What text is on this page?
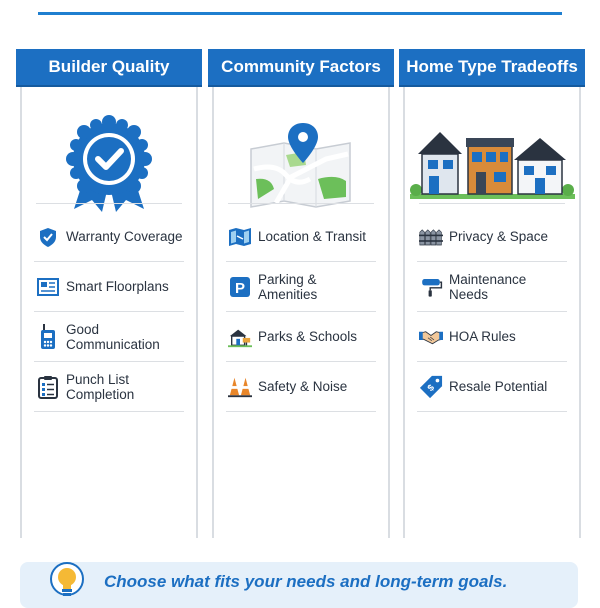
Builder Quality
Warranty Coverage
Smart Floorplans
Good Communication
Punch List Completion
Community Factors
Location & Transit
P
Parking & Amenities
Parks & Schools
Safety & Noise
Home Type Tradeoffs
Privacy & Space
Maintenance Needs
HOA Rules
$ Resale Potential
Choose what fits your needs and long-term goals.
